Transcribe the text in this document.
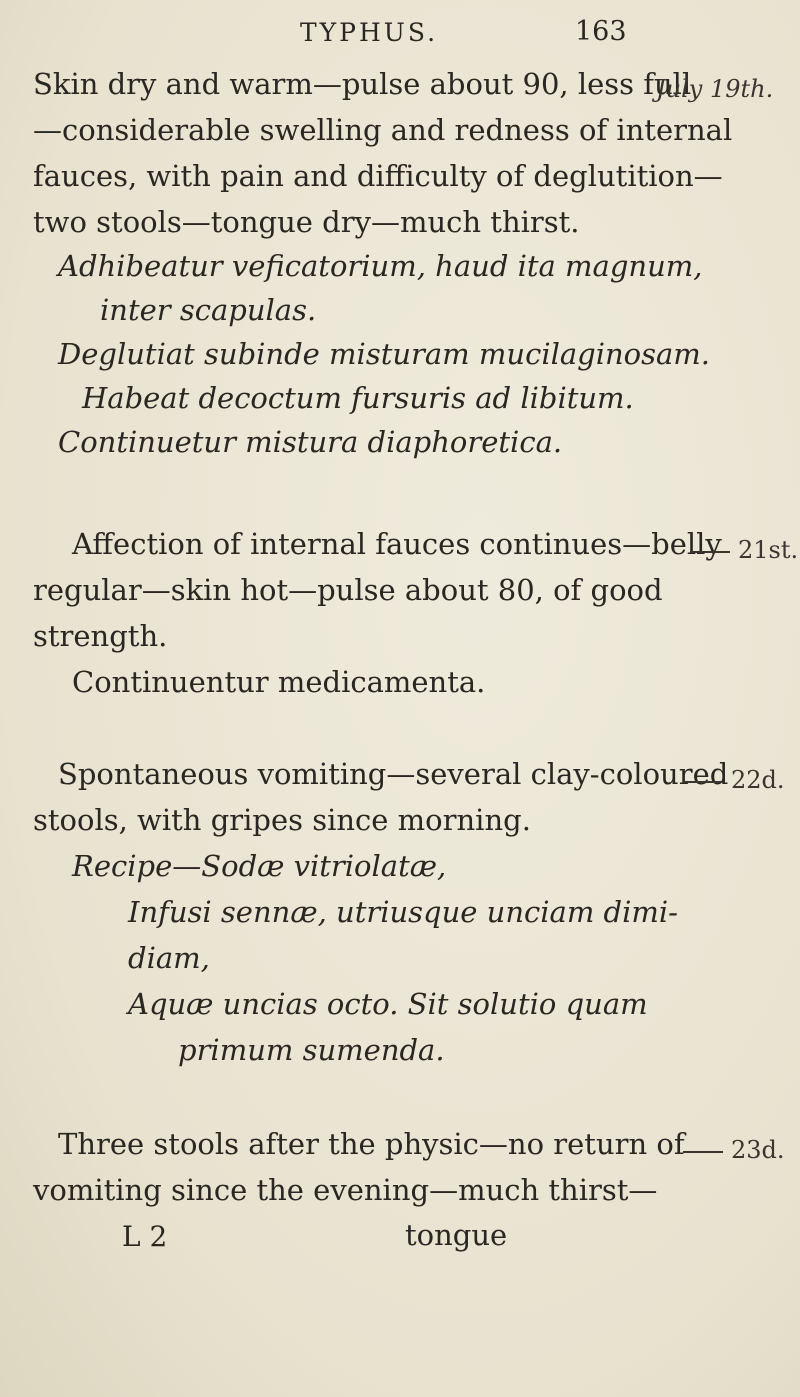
TYPHUS.	163
Skin dry and warm—pulse about 90, less full
July 19th.
—considerable swelling and redness of internal
fauces, with pain and difficulty of deglutition—
two stools—tongue dry—much thirst.
Adhibeatur veficatorium, haud ita magnum,
inter scapulas.
Deglutiat subinde misturam mucilaginosam.
Habeat decoctum fursuris ad libitum.
Continuetur mistura diaphoretica.
Affection of internal fauces continues—belly 21st.
regular—skin hot—pulse about 80, of good
strength.
Continuentur medicamenta.
Spontaneous vomiting—several clay-coloured 22d.
stools, with gripes since morning.
Recipe—Sodæ vitriolatæ,
Infusi sennæ, utriusque unciam dimi-
diam,
Aquæ uncias octo. Sit solutio quam
primum sumenda.
Three stools after the physic—no return of	23d.
vomiting since the evening—much thirst—
L 2	tongue
